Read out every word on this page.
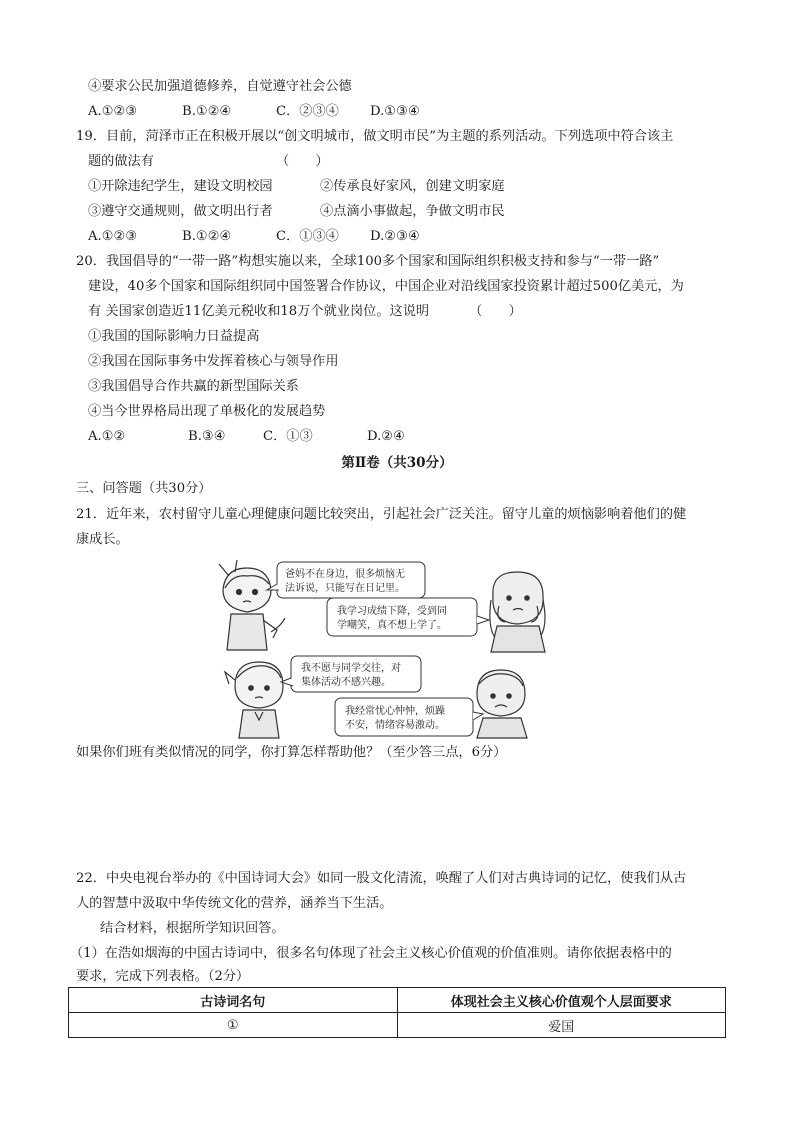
④要求公民加强道德修养，自觉遵守社会公德
A.①②③	B.①②④	C．②③④ D.①③④
19．目前，菏泽市正在积极开展以“创文明城市，做文明市民”为主题的系列活动。下列选项中符合该主
题的做法有	（　　）
①开除违纪学生，建设文明校园	②传承良好家风，创建文明家庭
③遵守交通规则，做文明出行者	④点滴小事做起，争做文明市民
A.①②③	B.①②④	C．①③④ D.②③④
20．我国倡导的“一带一路”构想实施以来，全球100多个国家和国际组织积极支持和参与“一带一路”
建设，40多个国家和国际组织同中国签署合作协议，中国企业对沿线国家投资累计超过500亿美元，为
有 关国家创造近11亿美元税收和18万个就业岗位。这说明	（　　）
①我国的国际影响力日益提高
②我国在国际事务中发挥着核心与领导作用
③我国倡导合作共赢的新型国际关系
④当今世界格局出现了单极化的发展趋势
A.①②	B.③④	C．①③	D.②④
第Ⅱ卷（共30分）
三、问答题（共30分）
21．近年来，农村留守儿童心理健康问题比较突出，引起社会广泛关注。留守儿童的烦恼影响着他们的健
康成长。
爸妈不在身边，很多烦恼无
法诉说，只能写在日记里。
我学习成绩下降，受到同
学嘲笑，真不想上学了。
我不愿与同学交往，对
集体活动不感兴趣。
我经常忧心忡忡，烦躁
不安，情绪容易激动。
如果你们班有类似情况的同学，你打算怎样帮助他？（至少答三点，6分）
22．中央电视台举办的《中国诗词大会》如同一股文化清流，唤醒了人们对古典诗词的记忆，使我们从古
人的智慧中汲取中华传统文化的营养，涵养当下生活。
结合材料，根据所学知识回答。
（1）在浩如烟海的中国古诗词中，很多名句体现了社会主义核心价值观的价值准则。请你依据表格中的
要求，完成下列表格。（2分）
古诗词名句	体现社会主义核心价值观个人层面要求
①	爱国
